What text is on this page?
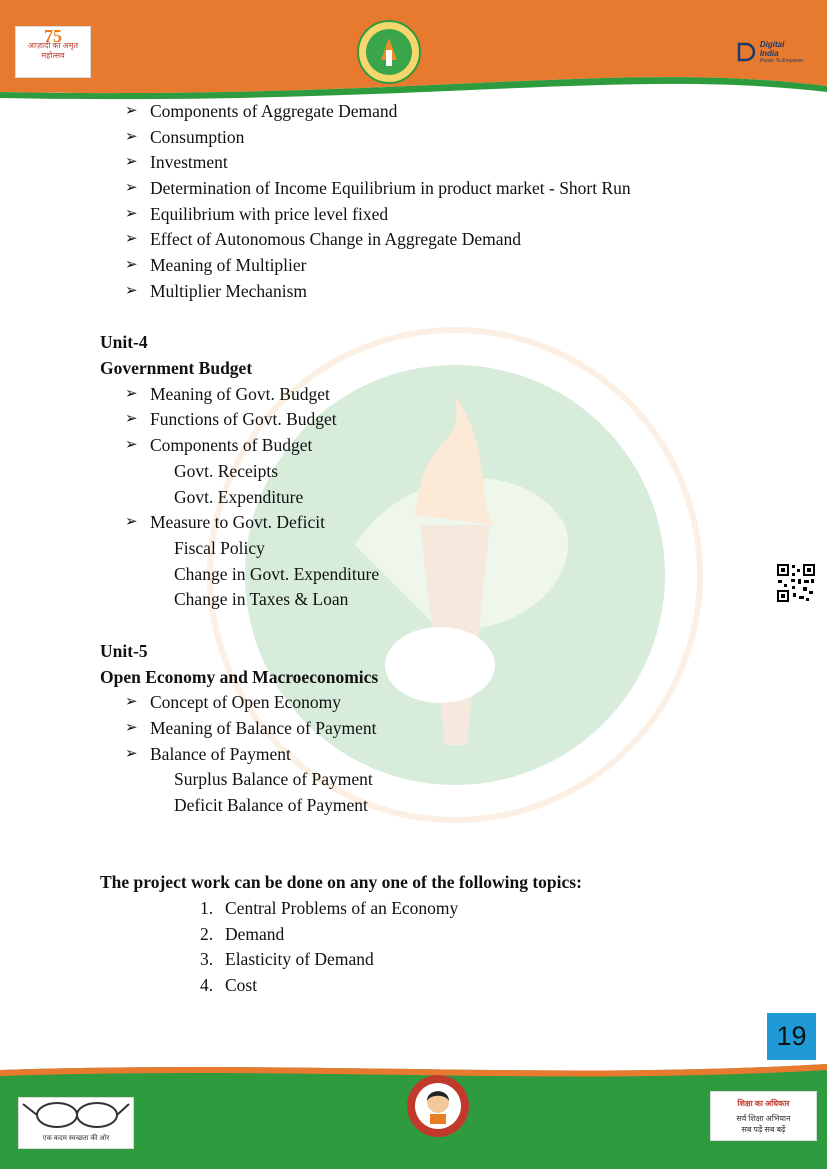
75
आज़ादी का अमृत महोत्सव
Digital India
Power To Empower
➢ Components of Aggregate Demand
➢ Consumption
➢ Investment
➢ Determination of Income Equilibrium in product market - Short Run
➢ Equilibrium with price level fixed
➢ Effect of Autonomous Change in Aggregate Demand
➢ Meaning of Multiplier
➢ Multiplier Mechanism
Unit-4
Government Budget
➢ Meaning of Govt. Budget
➢ Functions of Govt. Budget
➢ Components of Budget
Govt. Receipts
Govt. Expenditure
➢ Measure to Govt. Deficit
Fiscal Policy
Change in Govt. Expenditure
Change in Taxes & Loan
Unit-5
Open Economy and Macroeconomics
➢ Concept of Open Economy
➢ Meaning of Balance of Payment
➢ Balance of Payment
Surplus Balance of Payment
Deficit Balance of Payment
The project work can be done on any one of the following topics:
1. Central Problems of an Economy
2. Demand
3. Elasticity of Demand
4. Cost
19
एक कदम स्वच्छता की ओर
शिक्षा का अधिकार
सर्व शिक्षा अभियान
सब पढ़ें सब बढ़ें
